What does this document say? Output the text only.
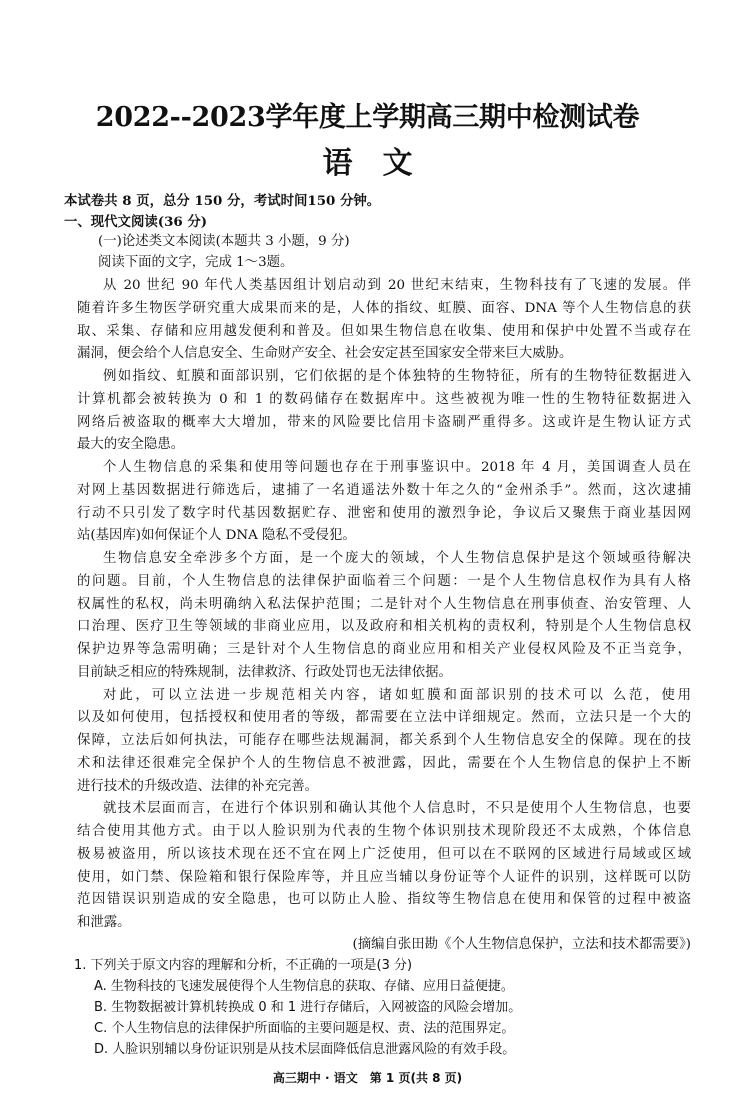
2022--2023学年度上学期高三期中检测试卷
语文
本试卷共 8 页，总分 150 分，考试时间150 分钟。
一、现代文阅读(36 分)
(一)论述类文本阅读(本题共 3 小题，9 分)
阅读下面的文字，完成 1～3题。
从 20 世纪 90 年代人类基因组计划启动到 20 世纪末结束，生物科技有了飞速的发展。伴
随着许多生物医学研究重大成果而来的是，人体的指纹、虹膜、面容、DNA 等个人生物信息的获
取、采集、存储和应用越发便利和普及。但如果生物信息在收集、使用和保护中处置不当或存在
漏洞，便会给个人信息安全、生命财产安全、社会安定甚至国家安全带来巨大威胁。
例如指纹、虹膜和面部识别，它们依据的是个体独特的生物特征，所有的生物特征数据进入
计算机都会被转换为 0 和 1 的数码储存在数据库中。这些被视为唯一性的生物特征数据进入
网络后被盗取的概率大大增加，带来的风险要比信用卡盗刷严重得多。这或许是生物认证方式
最大的安全隐患。
个人生物信息的采集和使用等问题也存在于刑事鉴识中。2018 年 4 月，美国调查人员在
对网上基因数据进行筛选后，逮捕了一名逍遥法外数十年之久的“金州杀手”。然而，这次逮捕
行动不只引发了数字时代基因数据贮存、泄密和使用的激烈争论，争议后又聚焦于商业基因网
站(基因库)如何保证个人 DNA 隐私不受侵犯。
生物信息安全牵涉多个方面，是一个庞大的领域，个人生物信息保护是这个领域亟待解决
的问题。目前，个人生物信息的法律保护面临着三个问题：一是个人生物信息权作为具有人格
权属性的私权，尚未明确纳入私法保护范围；二是针对个人生物信息在刑事侦查、治安管理、人
口治理、医疗卫生等领域的非商业应用，以及政府和相关机构的责权利，特别是个人生物信息权
保护边界等急需明确；三是针对个人生物信息的商业应用和相关产业侵权风险及不正当竞争，
目前缺乏相应的特殊规制，法律救济、行政处罚也无法律依据。
对此，可以立法进一步规范相关内容，诸如虹膜和面部识别的技术可以 么范，使用
以及如何使用，包括授权和使用者的等级，都需要在立法中详细规定。然而，立法只是一个大的
保障，立法后如何执法，可能存在哪些法规漏洞，都关系到个人生物信息安全的保障。现在的技
术和法律还很难完全保护个人的生物信息不被泄露，因此，需要在个人生物信息的保护上不断
进行技术的升级改造、法律的补充完善。
就技术层面而言，在进行个体识别和确认其他个人信息时，不只是使用个人生物信息，也要
结合使用其他方式。由于以人脸识别为代表的生物个体识别技术现阶段还不太成熟，个体信息
极易被盗用，所以该技术现在还不宜在网上广泛使用，但可以在不联网的区域进行局域或区域
使用，如门禁、保险箱和银行保险库等，并且应当辅以身份证等个人证件的识别，这样既可以防
范因错误识别造成的安全隐患，也可以防止人脸、指纹等生物信息在使用和保管的过程中被盗
和泄露。
(摘编自张田勘《个人生物信息保护，立法和技术都需要》)
1. 下列关于原文内容的理解和分析，不正确的一项是(3 分)
A. 生物科技的飞速发展使得个人生物信息的获取、存储、应用日益便捷。
B. 生物数据被计算机转换成 0 和 1 进行存储后，入网被盗的风险会增加。
C. 个人生物信息的法律保护所面临的主要问题是权、责、法的范围界定。
D. 人脸识别辅以身份证识别是从技术层面降低信息泄露风险的有效手段。
高三期中 · 语文　第 1 页(共 8 页)
